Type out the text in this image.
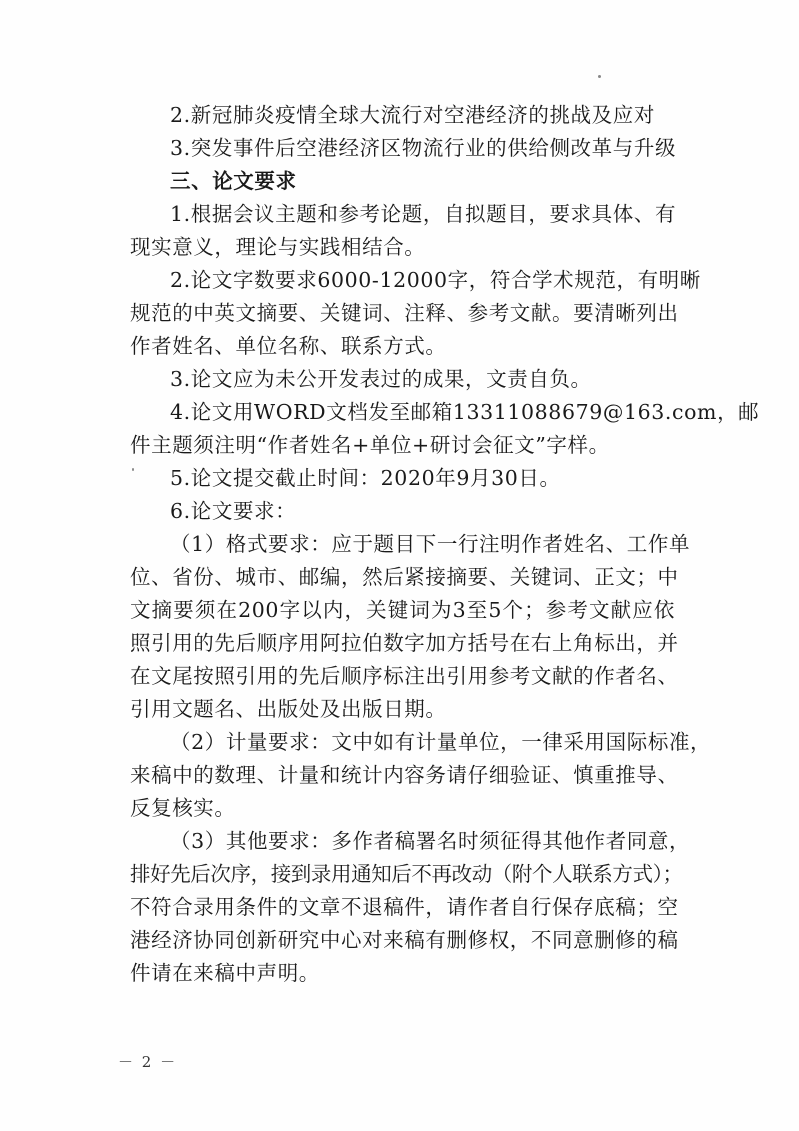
2.新冠肺炎疫情全球大流行对空港经济的挑战及应对
3.突发事件后空港经济区物流行业的供给侧改革与升级
三、论文要求
1.根据会议主题和参考论题，自拟题目，要求具体、有
现实意义，理论与实践相结合。
2.论文字数要求6000-12000字，符合学术规范，有明晰
规范的中英文摘要、关键词、注释、参考文献。要清晰列出
作者姓名、单位名称、联系方式。
3.论文应为未公开发表过的成果，文责自负。
4.论文用WORD文档发至邮箱13311088679@163.com，邮
件主题须注明“作者姓名+单位+研讨会征文”字样。
5.论文提交截止时间：2020年9月30日。
6.论文要求：
（1）格式要求：应于题目下一行注明作者姓名、工作单
位、省份、城市、邮编，然后紧接摘要、关键词、正文；中
文摘要须在200字以内，关键词为3至5个；参考文献应依
照引用的先后顺序用阿拉伯数字加方括号在右上角标出，并
在文尾按照引用的先后顺序标注出引用参考文献的作者名、
引用文题名、出版处及出版日期。
（2）计量要求：文中如有计量单位，一律采用国际标准，
来稿中的数理、计量和统计内容务请仔细验证、慎重推导、
反复核实。
（3）其他要求：多作者稿署名时须征得其他作者同意，
排好先后次序，接到录用通知后不再改动（附个人联系方式）；
不符合录用条件的文章不退稿件，请作者自行保存底稿；空
港经济协同创新研究中心对来稿有删修权，不同意删修的稿
件请在来稿中声明。
－ 2 －
